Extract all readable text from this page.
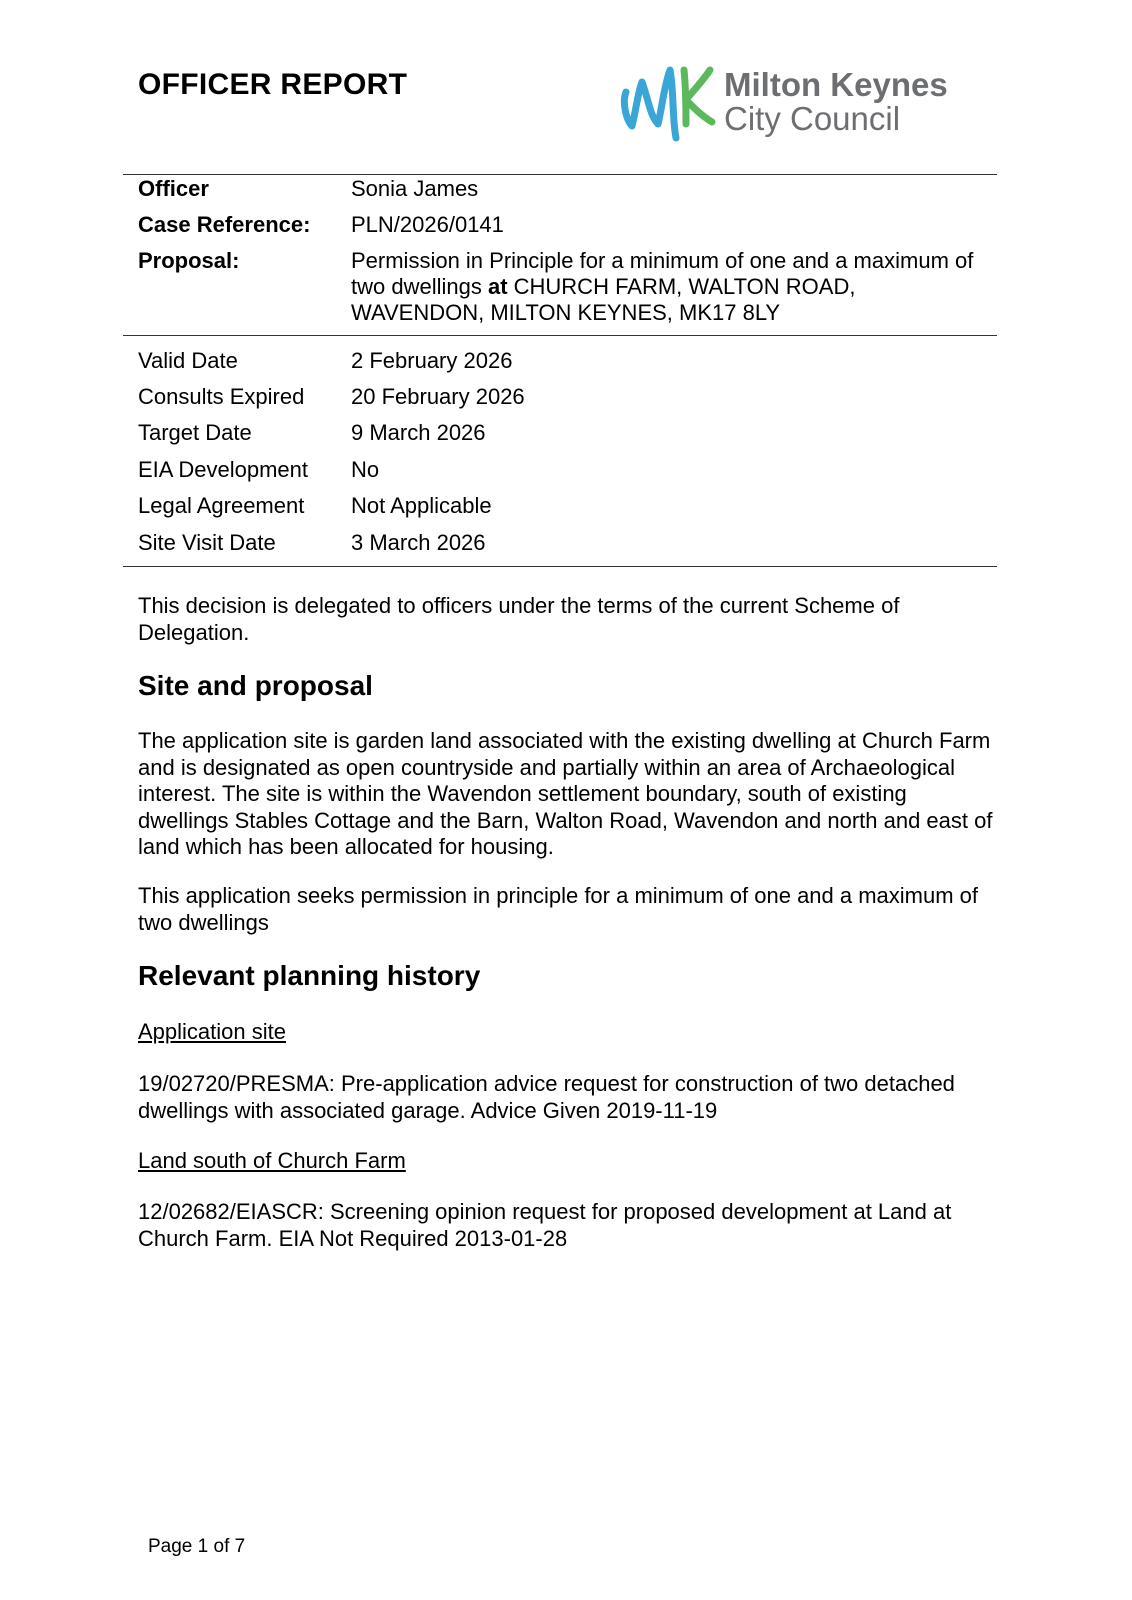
OFFICER REPORT	Milton Keynes
City Council
Officer	Sonia James
Case Reference: PLN/2026/0141
Proposal:	Permission in Principle for a minimum of one and a maximum of two dwellings at CHURCH FARM, WALTON ROAD, WAVENDON, MILTON KEYNES, MK17 8LY
Valid Date	2 February 2026
Consults Expired 20 February 2026
Target Date	9 March 2026
EIA Development No
Legal Agreement Not Applicable
Site Visit Date	3 March 2026
This decision is delegated to officers under the terms of the current Scheme of Delegation.
Site and proposal
The application site is garden land associated with the existing dwelling at Church Farm and is designated as open countryside and partially within an area of Archaeological interest. The site is within the Wavendon settlement boundary, south of existing dwellings Stables Cottage and the Barn, Walton Road, Wavendon and north and east of land which has been allocated for housing.
This application seeks permission in principle for a minimum of one and a maximum of two dwellings
Relevant planning history
Application site
19/02720/PRESMA: Pre-application advice request for construction of two detached dwellings with associated garage. Advice Given 2019-11-19
Land south of Church Farm
12/02682/EIASCR: Screening opinion request for proposed development at Land at Church Farm. EIA Not Required 2013-01-28
Page 1 of 7
